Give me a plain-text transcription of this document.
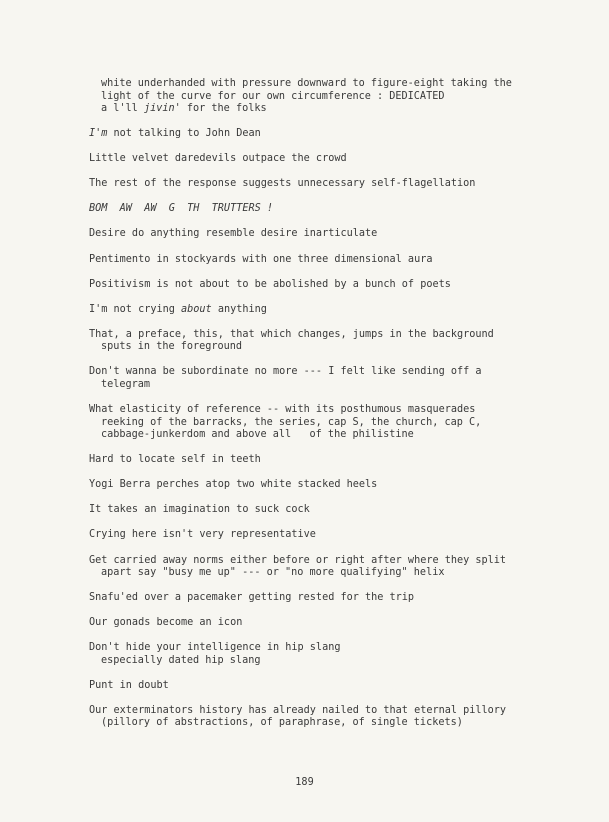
white underhanded with pressure downward to figure-eight taking the
light of the curve for our own circumference : DEDICATED
a l'll jivin' for the folks
I'm not talking to John Dean
Little velvet daredevils outpace the crowd
The rest of the response suggests unnecessary self-flagellation
BOM  AW  AW  G  TH  TRUTTERS !
Desire do anything resemble desire inarticulate
Pentimento in stockyards with one three dimensional aura
Positivism is not about to be abolished by a bunch of poets
I'm not crying about anything
That, a preface, this, that which changes, jumps in the background

sputs in the foreground
Don't wanna be subordinate no more --- I felt like sending off a

telegram
What elasticity of reference -- with its posthumous masquerades

reeking of the barracks, the series, cap S, the church, cap C,
cabbage-junkerdom and above all   of the philistine
Hard to locate self in teeth
Yogi Berra perches atop two white stacked heels
It takes an imagination to suck cock
Crying here isn't very representative
Get carried away norms either before or right after where they split

apart say "busy me up" --- or "no more qualifying" helix
Snafu'ed over a pacemaker getting rested for the trip
Our gonads become an icon
Don't hide your intelligence in hip slang

especially dated hip slang
Punt in doubt
Our exterminators history has already nailed to that eternal pillory

(pillory of abstractions, of paraphrase, of single tickets)
189
